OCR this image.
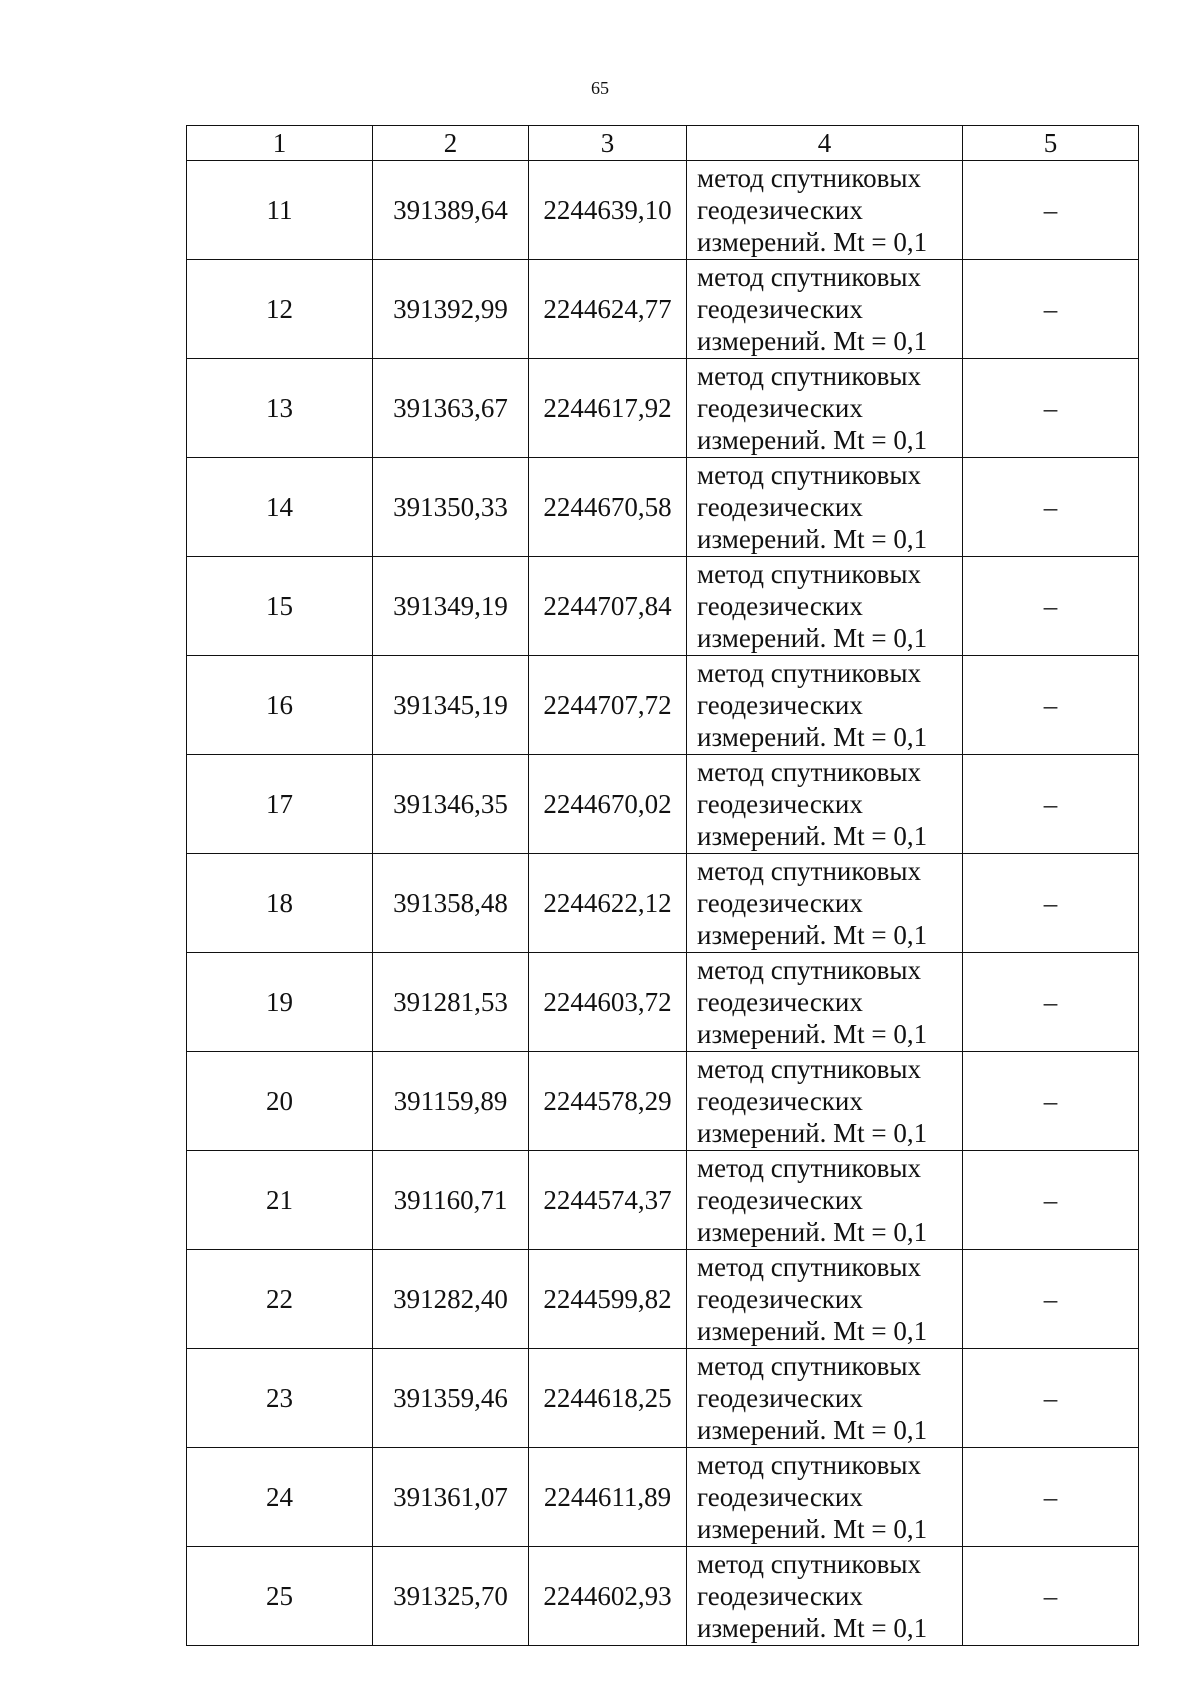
65
1	2	3	4	5
11	391389,64	2244639,10	метод спутниковых
геодезических
измерений. Mt = 0,1	–
12	391392,99	2244624,77	метод спутниковых
геодезических
измерений. Mt = 0,1	–
13	391363,67	2244617,92	метод спутниковых
геодезических
измерений. Mt = 0,1	–
14	391350,33	2244670,58	метод спутниковых
геодезических
измерений. Mt = 0,1	–
15	391349,19	2244707,84	метод спутниковых
геодезических
измерений. Mt = 0,1	–
16	391345,19	2244707,72	метод спутниковых
геодезических
измерений. Mt = 0,1	–
17	391346,35	2244670,02	метод спутниковых
геодезических
измерений. Mt = 0,1	–
18	391358,48	2244622,12	метод спутниковых
геодезических
измерений. Mt = 0,1	–
19	391281,53	2244603,72	метод спутниковых
геодезических
измерений. Mt = 0,1	–
20	391159,89	2244578,29	метод спутниковых
геодезических
измерений. Mt = 0,1	–
21	391160,71	2244574,37	метод спутниковых
геодезических
измерений. Mt = 0,1	–
22	391282,40	2244599,82	метод спутниковых
геодезических
измерений. Mt = 0,1	–
23	391359,46	2244618,25	метод спутниковых
геодезических
измерений. Mt = 0,1	–
24	391361,07	2244611,89	метод спутниковых
геодезических
измерений. Mt = 0,1	–
25	391325,70	2244602,93	метод спутниковых
геодезических
измерений. Mt = 0,1	–
